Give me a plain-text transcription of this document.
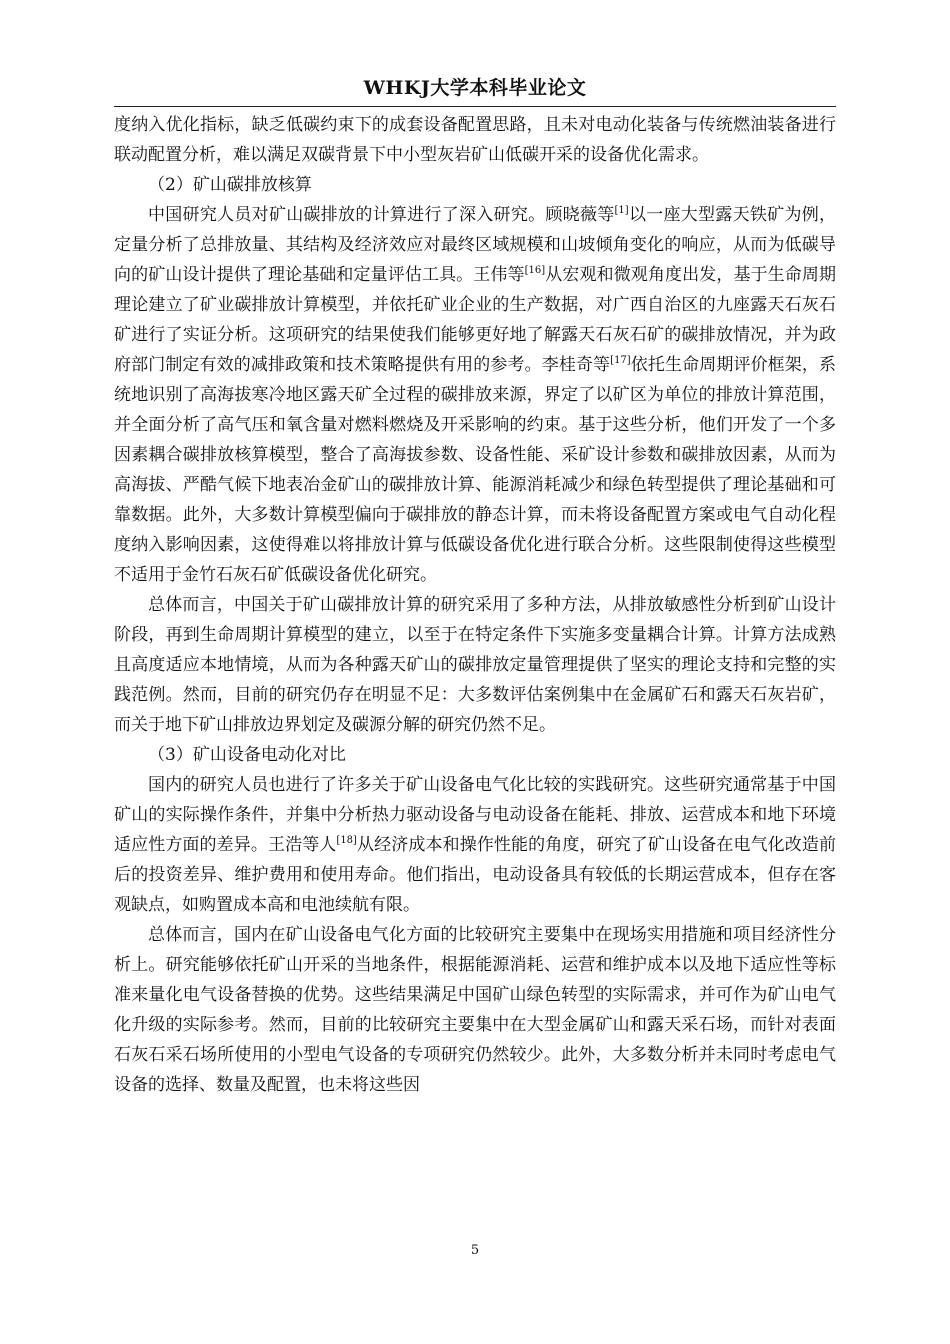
WHKJ大学本科毕业论文

度纳入优化指标，缺乏低碳约束下的成套设备配置思路，且未对电动化装备与传统燃油装备进行联动配置分析，难以满足双碳背景下中小型灰岩矿山低碳开采的设备优化需求。

（2）矿山碳排放核算

中国研究人员对矿山碳排放的计算进行了深入研究。顾晓薇等[1]以一座大型露天铁矿为例，定量分析了总排放量、其结构及经济效应对最终区域规模和山坡倾角变化的响应，从而为低碳导向的矿山设计提供了理论基础和定量评估工具。王伟等[16]从宏观和微观角度出发，基于生命周期理论建立了矿业碳排放计算模型，并依托矿业企业的生产数据，对广西自治区的九座露天石灰石矿进行了实证分析。这项研究的结果使我们能够更好地了解露天石灰石矿的碳排放情况，并为政府部门制定有效的减排政策和技术策略提供有用的参考。李桂奇等[17]依托生命周期评价框架，系统地识别了高海拔寒冷地区露天矿全过程的碳排放来源，界定了以矿区为单位的排放计算范围，并全面分析了高气压和氧含量对燃料燃烧及开采影响的约束。基于这些分析，他们开发了一个多因素耦合碳排放核算模型，整合了高海拔参数、设备性能、采矿设计参数和碳排放因素，从而为高海拔、严酷气候下地表冶金矿山的碳排放计算、能源消耗减少和绿色转型提供了理论基础和可靠数据。此外，大多数计算模型偏向于碳排放的静态计算，而未将设备配置方案或电气自动化程度纳入影响因素，这使得难以将排放计算与低碳设备优化进行联合分析。这些限制使得这些模型不适用于金竹石灰石矿低碳设备优化研究。

总体而言，中国关于矿山碳排放计算的研究采用了多种方法，从排放敏感性分析到矿山设计阶段，再到生命周期计算模型的建立，以至于在特定条件下实施多变量耦合计算。计算方法成熟且高度适应本地情境，从而为各种露天矿山的碳排放定量管理提供了坚实的理论支持和完整的实践范例。然而，目前的研究仍存在明显不足：大多数评估案例集中在金属矿石和露天石灰岩矿，而关于地下矿山排放边界划定及碳源分解的研究仍然不足。

（3）矿山设备电动化对比

国内的研究人员也进行了许多关于矿山设备电气化比较的实践研究。这些研究通常基于中国矿山的实际操作条件，并集中分析热力驱动设备与电动设备在能耗、排放、运营成本和地下环境适应性方面的差异。王浩等人[18]从经济成本和操作性能的角度，研究了矿山设备在电气化改造前后的投资差异、维护费用和使用寿命。他们指出，电动设备具有较低的长期运营成本，但存在客观缺点，如购置成本高和电池续航有限。

总体而言，国内在矿山设备电气化方面的比较研究主要集中在现场实用措施和项目经济性分析上。研究能够依托矿山开采的当地条件，根据能源消耗、运营和维护成本以及地下适应性等标准来量化电气设备替换的优势。这些结果满足中国矿山绿色转型的实际需求，并可作为矿山电气化升级的实际参考。然而，目前的比较研究主要集中在大型金属矿山和露天采石场，而针对表面石灰石采石场所使用的小型电气设备的专项研究仍然较少。此外，大多数分析并未同时考虑电气设备的选择、数量及配置，也未将这些因

5
